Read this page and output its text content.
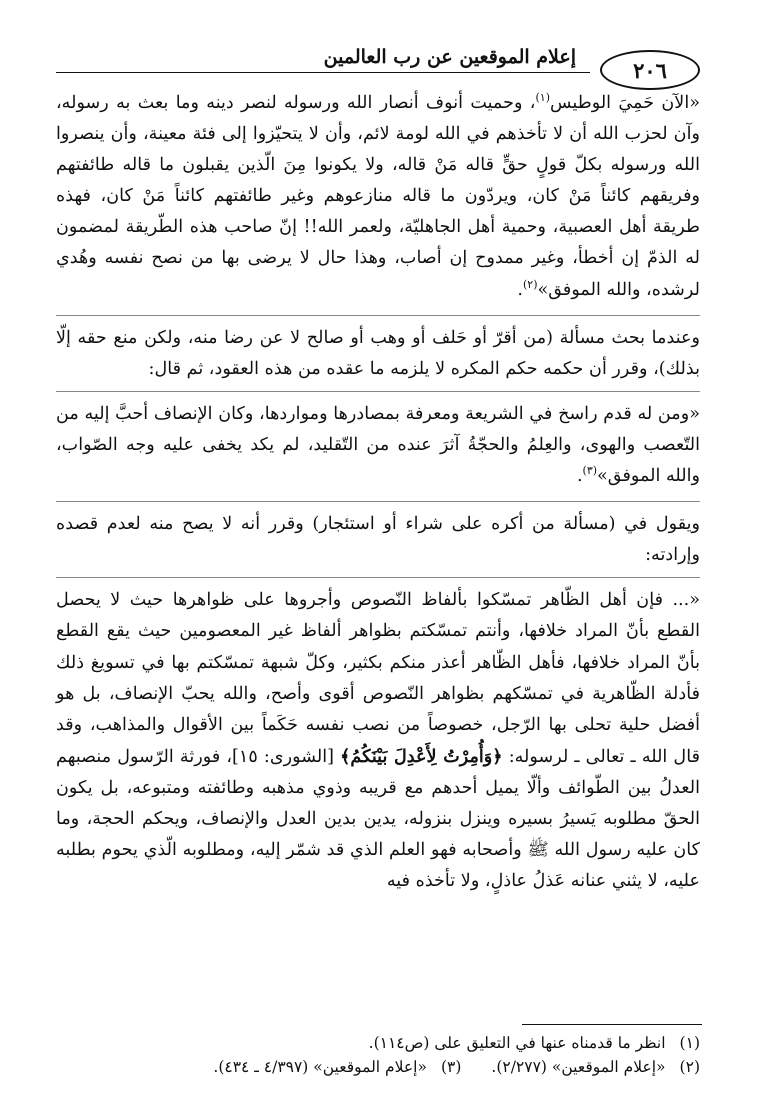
إعلام الموقعين عن رب العالمين
٢٠٦

«الآن حَمِيَ الوطيس$^{(١)}$، وحميت أنوف أنصار الله ورسوله لنصر دينه وما بعث به رسوله، وآن لحزب الله أن لا تأخذهم في الله لومة لائم، وأن لا يتحيّزوا إلى فئة معينة، وأن ينصروا الله ورسوله بكلّ قولٍ حقٍّ قاله مَنْ قاله، ولا يكونوا مِنَ الّذين يقبلون ما قاله طائفتهم وفريقهم كائناً مَنْ كان، ويردّون ما قاله منازعوهم وغير طائفتهم كائناً مَنْ كان، فهذه طريقة أهل العصبية، وحمية أهل الجاهليّة، ولعمر الله!! إنّ صاحب هذه الطّريقة لمضمون له الذمّ إن أخطأ، وغير ممدوح إن أصاب، وهذا حال لا يرضى بها من نصح نفسه وهُدي لرشده، والله الموفق»$^{(٢)}$.

وعندما بحث مسألة (من أقرّ أو حَلف أو وهب أو صالح لا عن رضا منه، ولكن منع حقه إلّا بذلك)، وقرر أن حكمه حكم المكره لا يلزمه ما عقده من هذه العقود، ثم قال:

«ومن له قدم راسخ في الشريعة ومعرفة بمصادرها ومواردها، وكان الإنصاف أحبَّ إليه من التّعصب والهوى، والعِلمُ والحجّةُ آثرَ عنده من التّقليد، لم يكد يخفى عليه وجه الصّواب، والله الموفق»$^{(٣)}$.

ويقول في (مسألة من أكره على شراء أو استئجار) وقرر أنه لا يصح منه لعدم قصده وإرادته:

«... فإن أهل الظّاهر تمسّكوا بألفاظ النّصوص وأجروها على ظواهرها حيث لا يحصل القطع بأنّ المراد خلافها، وأنتم تمسّكتم بظواهر ألفاظ غير المعصومين حيث يقع القطع بأنّ المراد خلافها، فأهل الظّاهر أعذر منكم بكثير، وكلّ شبهة تمسّكتم بها في تسويغ ذلك فأدلة الظّاهرية في تمسّكهم بظواهر النّصوص أقوى وأصح، والله يحبّ الإنصاف، بل هو أفضل حلية تحلى بها الرّجل، خصوصاً من نصب نفسه حَكَماً بين الأقوال والمذاهب، وقد قال الله ـ تعالى ـ لرسوله: ﴿وَأُمِرْتُ لِأَعْدِلَ بَيْنَكُمُ﴾ [الشورى: ١٥]، فورثة الرّسول منصبهم العدلُ بين الطّوائف وألّا يميل أحدهم مع قريبه وذوي مذهبه وطائفته ومتبوعه، بل يكون الحقّ مطلوبه يَسيرُ بسيره وينزل بنزوله، يدين بدين العدل والإنصاف، ويحكم الحجة، وما كان عليه رسول الله ﷺ وأصحابه فهو العلم الذي قد شمّر إليه، ومطلوبه الّذي يحوم بطلبه عليه، لا يثني عنانه عَذلُ عاذلٍ، ولا تأخذه فيه

(١)
انظر ما قدمناه عنها في التعليق على (ص١١٤).
(٢)
«إعلام الموقعين» (٢/٢٧٧).
(٣)
«إعلام الموقعين» (٤/٣٩٧ ـ ٤٣٤).
